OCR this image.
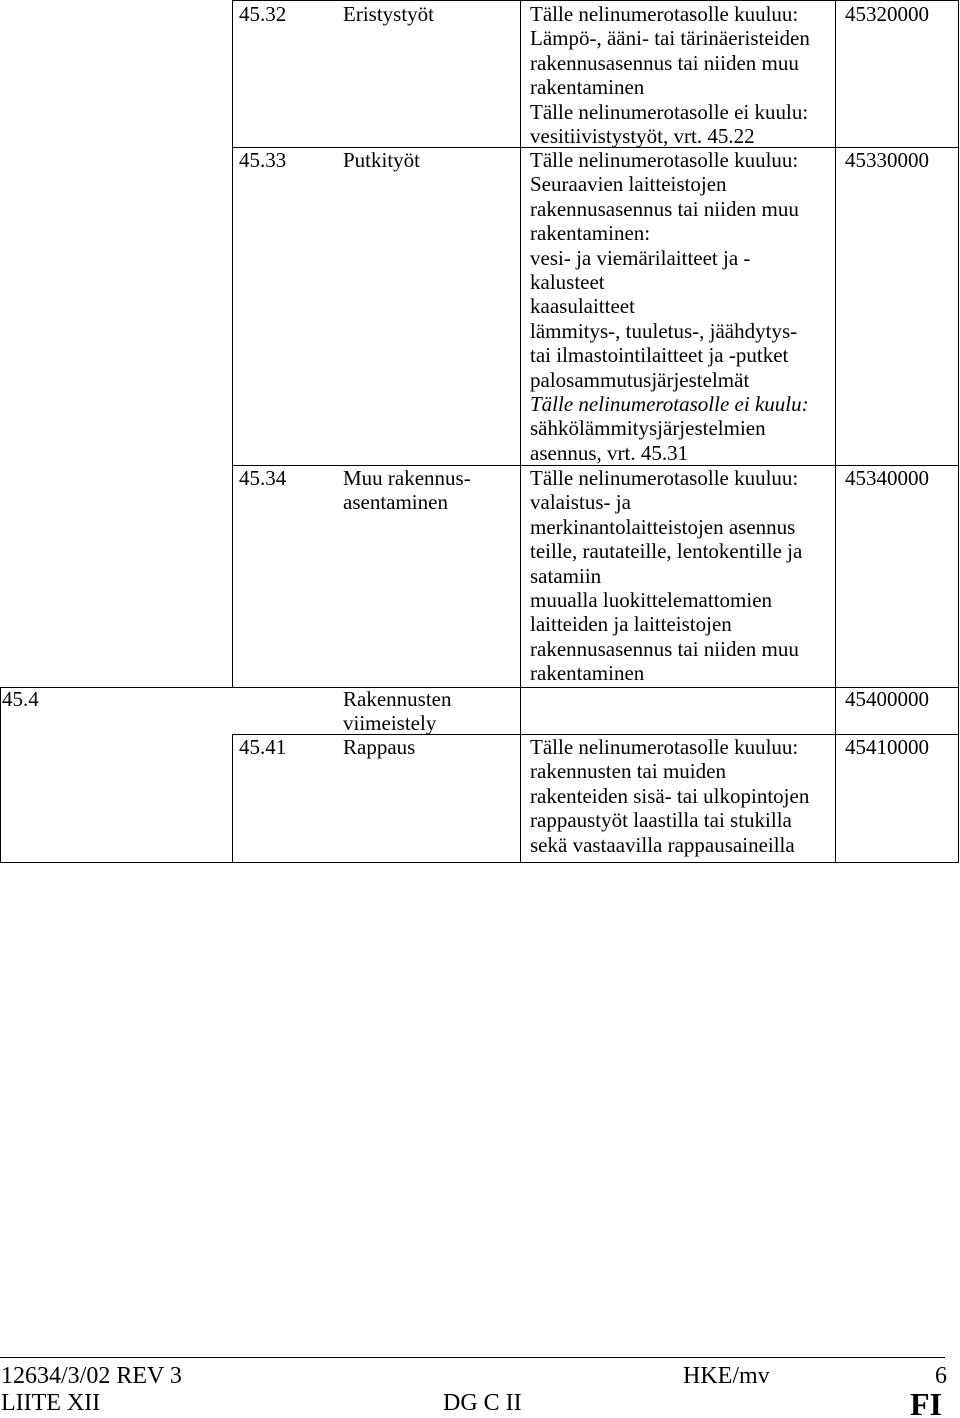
45.32	Eristystyöt	Tälle nelinumerotasolle kuuluu:
Lämpö-, ääni- tai tärinäeristeiden
rakennusasennus tai niiden muu
rakentaminen
Tälle nelinumerotasolle ei kuulu:
vesitiivistystyöt, vrt. 45.22
45320000
45.33	Putkityöt	Tälle nelinumerotasolle kuuluu:
Seuraavien laitteistojen
rakennusasennus tai niiden muu
rakentaminen:
vesi- ja viemärilaitteet ja -
kalusteet
kaasulaitteet
lämmitys-, tuuletus-, jäähdytys-
tai ilmastointilaitteet ja -putket
palosammutusjärjestelmät
Tälle nelinumerotasolle ei kuulu:
sähkölämmitysjärjestelmien
asennus, vrt. 45.31
45330000
45.34	Muu rakennus-
asentaminen
Tälle nelinumerotasolle kuuluu:
valaistus- ja
merkinantolaitteistojen asennus
teille, rautateille, lentokentille ja
satamiin
muualla luokittelemattomien
laitteiden ja laitteistojen
rakennusasennus tai niiden muu
rakentaminen
45340000
45.4	Rakennusten
viimeistely
45400000
45.41	Rappaus	Tälle nelinumerotasolle kuuluu:
rakennusten tai muiden
rakenteiden sisä- tai ulkopintojen
rappaustyöt laastilla tai stukilla
sekä vastaavilla rappausaineilla
45410000
12634/3/02 REV 3	HKE/mv	6
LIITE XII	DG C II	FI
